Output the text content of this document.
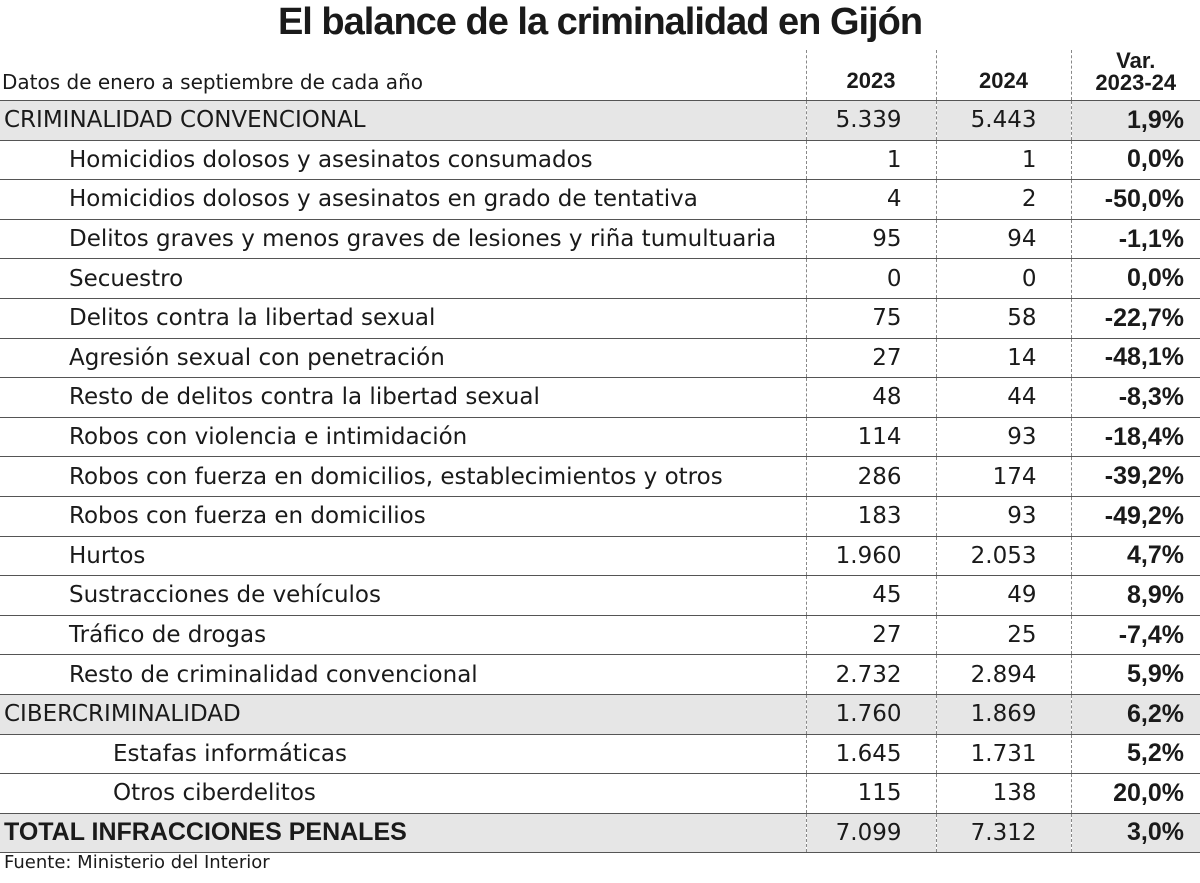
El balance de la criminalidad en Gijón
Datos de enero a septiembre de cada año	2023	2024	Var.
2023-24
CRIMINALIDAD CONVENCIONAL	5.339	5.443	1,9%
Homicidios dolosos y asesinatos consumados	1	1	0,0%
Homicidios dolosos y asesinatos en grado de tentativa	4	2	-50,0%
Delitos graves y menos graves de lesiones y riña tumultuaria	95	94	-1,1%
Secuestro	0	0	0,0%
Delitos contra la libertad sexual	75	58	-22,7%
Agresión sexual con penetración	27	14	-48,1%
Resto de delitos contra la libertad sexual	48	44	-8,3%
Robos con violencia e intimidación	114	93	-18,4%
Robos con fuerza en domicilios, establecimientos y otros	286	174	-39,2%
Robos con fuerza en domicilios	183	93	-49,2%
Hurtos	1.960	2.053	4,7%
Sustracciones de vehículos	45	49	8,9%
Tráfico de drogas	27	25	-7,4%
Resto de criminalidad convencional	2.732	2.894	5,9%
CIBERCRIMINALIDAD	1.760	1.869	6,2%
Estafas informáticas	1.645	1.731	5,2%
Otros ciberdelitos	115	138	20,0%
TOTAL INFRACCIONES PENALES	7.099	7.312	3,0%
Fuente: Ministerio del Interior
